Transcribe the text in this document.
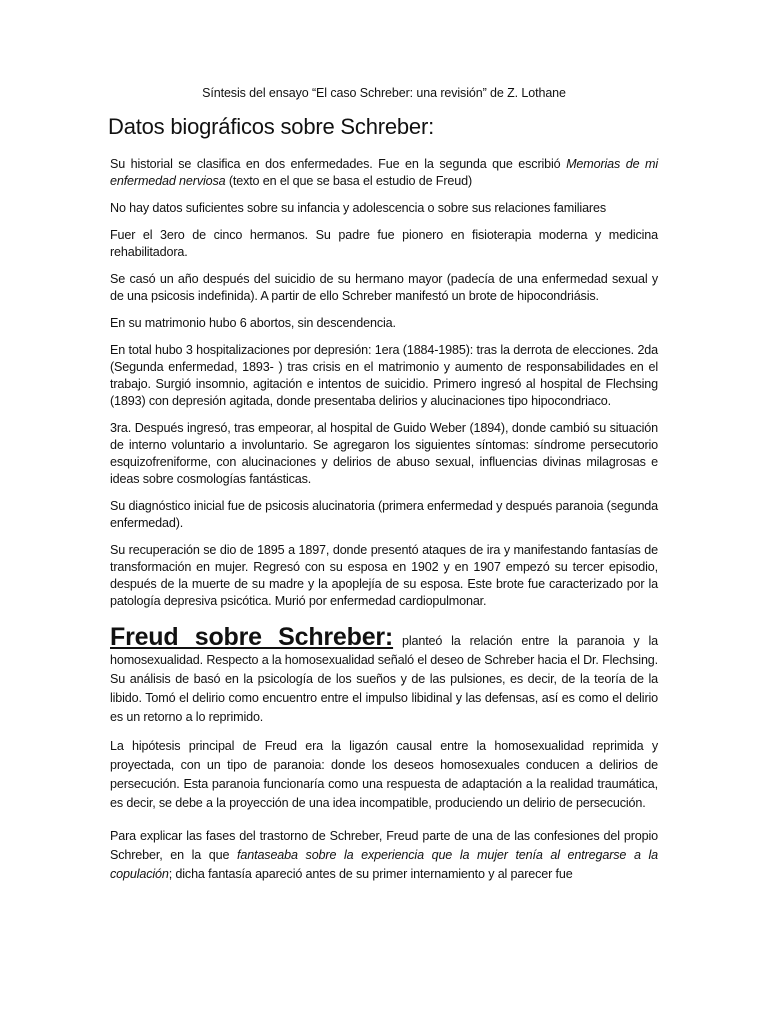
Síntesis del ensayo “El caso Schreber: una revisión” de Z. Lothane
Datos biográficos sobre Schreber:

Su historial se clasifica en dos enfermedades. Fue en la segunda que escribió Memorias de mi enfermedad nerviosa (texto en el que se basa el estudio de Freud)

No hay datos suficientes sobre su infancia y adolescencia o sobre sus relaciones familiares

Fuer el 3ero de cinco hermanos. Su padre fue pionero en fisioterapia moderna y medicina rehabilitadora.

Se casó un año después del suicidio de su hermano mayor (padecía de una enfermedad sexual y de una psicosis indefinida). A partir de ello Schreber manifestó un brote de hipocondriásis.

En su matrimonio hubo 6 abortos, sin descendencia.

En total hubo 3 hospitalizaciones por depresión: 1era (1884-1985): tras la derrota de elecciones. 2da (Segunda enfermedad, 1893- ) tras crisis en el matrimonio y aumento de responsabilidades en el trabajo. Surgió insomnio, agitación e intentos de suicidio. Primero ingresó al hospital de Flechsing (1893) con depresión agitada, donde presentaba delirios y alucinaciones tipo hipocondriaco.

3ra. Después ingresó, tras empeorar, al hospital de Guido Weber (1894), donde cambió su situación de interno voluntario a involuntario. Se agregaron los siguientes síntomas: síndrome persecutorio esquizofreniforme, con alucinaciones y delirios de abuso sexual, influencias divinas milagrosas e ideas sobre cosmologías fantásticas.

Su diagnóstico inicial fue de psicosis alucinatoria (primera enfermedad y después paranoia (segunda enfermedad).

Su recuperación se dio de 1895 a 1897, donde presentó ataques de ira y manifestando fantasías de transformación en mujer. Regresó con su esposa en 1902 y en 1907 empezó su tercer episodio, después de la muerte de su madre y la apoplejía de su esposa. Este brote fue caracterizado por la patología depresiva psicótica. Murió por enfermedad cardiopulmonar.

Freud sobre Schreber: planteó la relación entre la paranoia y la homosexualidad. Respecto a la homosexualidad señaló el deseo de Schreber hacia el Dr. Flechsing. Su análisis de basó en la psicología de los sueños y de las pulsiones, es decir, de la teoría de la libido. Tomó el delirio como encuentro entre el impulso libidinal y las defensas, así es como el delirio es un retorno a lo reprimido.

La hipótesis principal de Freud era la ligazón causal entre la homosexualidad reprimida y proyectada, con un tipo de paranoia: donde los deseos homosexuales conducen a delirios de persecución. Esta paranoia funcionaría como una respuesta de adaptación a la realidad traumática, es decir, se debe a la proyección de una idea incompatible, produciendo un delirio de persecución.

Para explicar las fases del trastorno de Schreber, Freud parte de una de las confesiones del propio Schreber, en la que fantaseaba sobre la experiencia que la mujer tenía al entregarse a la copulación; dicha fantasía apareció antes de su primer internamiento y al parecer fue
